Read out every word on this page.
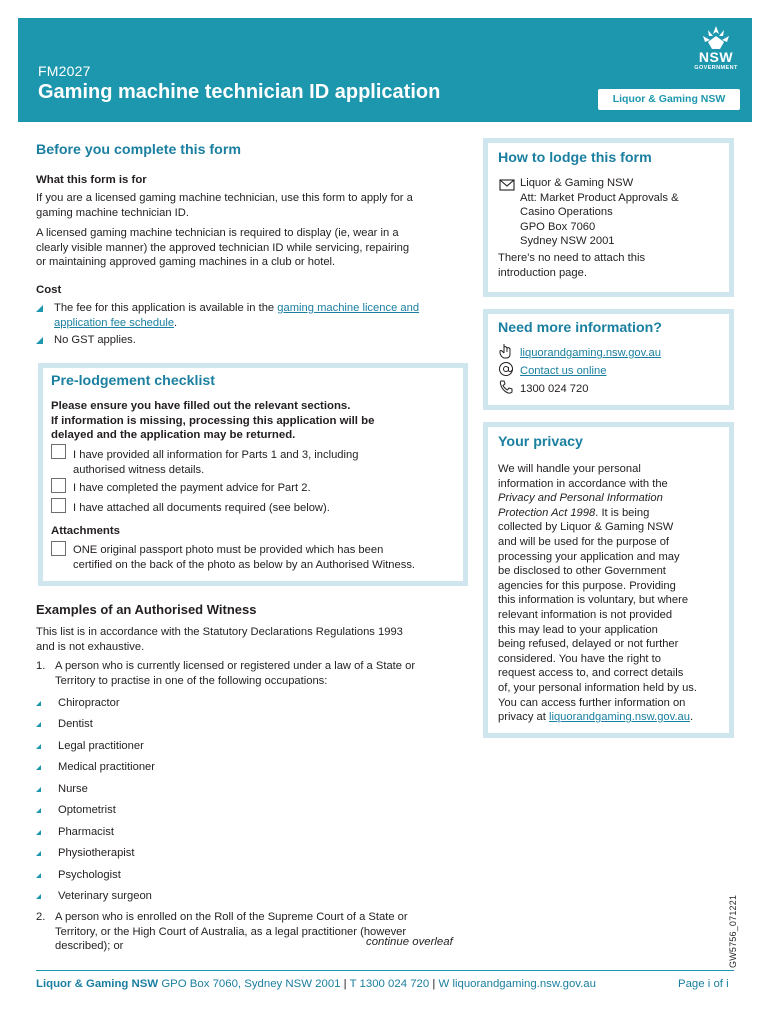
FM2027
Gaming machine technician ID application	Liquor & Gaming NSW
NSW
GOVERNMENT
Before you complete this form
What this form is for
If you are a licensed gaming machine technician, use this form to apply for a
gaming machine technician ID.
A licensed gaming machine technician is required to display (ie, wear in a
clearly visible manner) the approved technician ID while servicing, repairing
or maintaining approved gaming machines in a club or hotel.
Cost
The fee for this application is available in the gaming machine licence and
application fee schedule.
No GST applies.
Pre-lodgement checklist
Please ensure you have filled out the relevant sections.
If information is missing, processing this application will be
delayed and the application may be returned.
I have provided all information for Parts 1 and 3, including
authorised witness details.
I have completed the payment advice for Part 2.
I have attached all documents required (see below).
Attachments
ONE original passport photo must be provided which has been
certified on the back of the photo as below by an Authorised Witness.
Examples of an Authorised Witness
This list is in accordance with the Statutory Declarations Regulations 1993
and is not exhaustive.
1. A person who is currently licensed or registered under a law of a State or
Territory to practise in one of the following occupations:
Chiropractor
Dentist
Legal practitioner
Medical practitioner
Nurse
Optometrist
Pharmacist
Physiotherapist
Psychologist
Veterinary surgeon
2. A person who is enrolled on the Roll of the Supreme Court of a State or
Territory, or the High Court of Australia, as a legal practitioner (however
described); or	continue overleaf
How to lodge this form
Liquor & Gaming NSW
Att: Market Product Approvals &
Casino Operations
GPO Box 7060
Sydney NSW 2001
There's no need to attach this
introduction page.
Need more information?
liquorandgaming.nsw.gov.au
Contact us online
1300 024 720
Your privacy
We will handle your personal
information in accordance with the
Privacy and Personal Information
Protection Act 1998. It is being
collected by Liquor & Gaming NSW
and will be used for the purpose of
processing your application and may
be disclosed to other Government
agencies for this purpose. Providing
this information is voluntary, but where
relevant information is not provided
this may lead to your application
being refused, delayed or not further
considered. You have the right to
request access to, and correct details
of, your personal information held by us.
You can access further information on
privacy at liquorandgaming.nsw.gov.au.
GW5756_071221
Liquor & Gaming NSW GPO Box 7060, Sydney NSW 2001 | T 1300 024 720 | W liquorandgaming.nsw.gov.au	Page i of i
